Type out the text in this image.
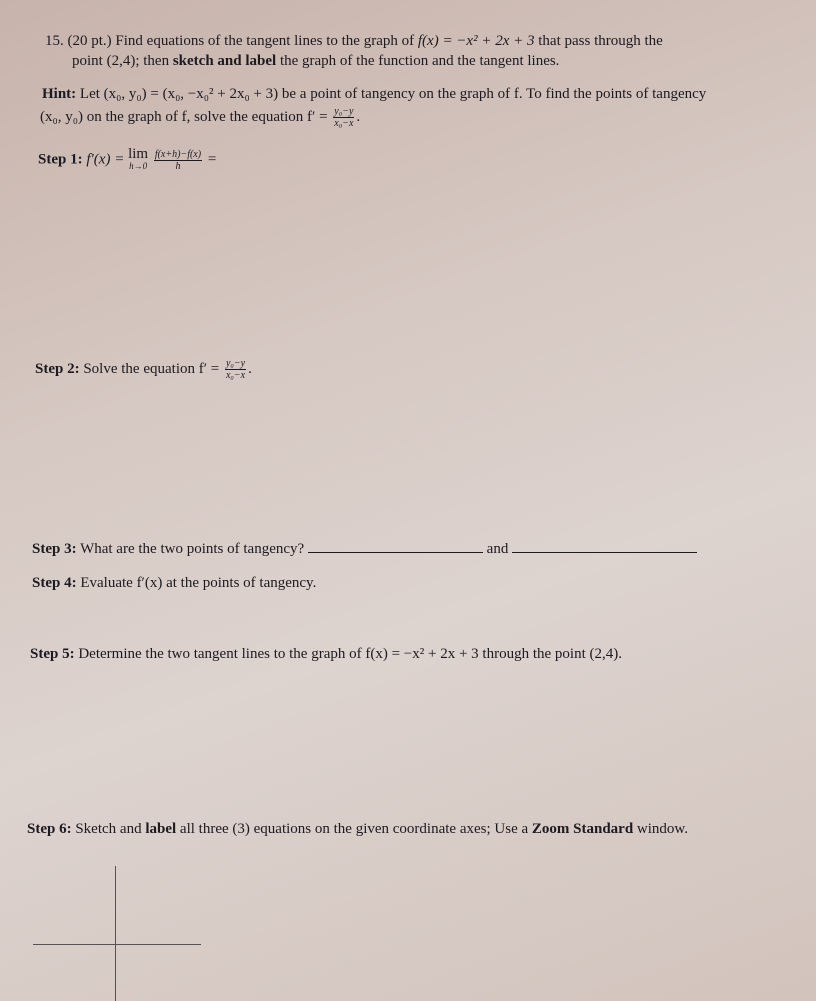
15. (20 pt.) Find equations of the tangent lines to the graph of f(x) = −x² + 2x + 3 that pass through the
point (2,4); then sketch and label the graph of the function and the tangent lines.
Hint: Let (x₀, y₀) = (x₀, −x₀² + 2x₀ + 3) be a point of tangency on the graph of f. To find the points of tangency
(x₀, y₀) on the graph of f, solve the equation $f' = \frac{\text{y₀−y}}{\text{x₀−x}}$ .
Step 1: f′(x) = lim
h→0
$\frac{f(x+h)-f(x)}{h}$ =
Step 2: Solve the equation $f' = \frac{\text{y₀−y}}{\text{x₀−x}}$ .
Step 3: What are the two points of tangency?	and
Step 4: Evaluate f′(x) at the points of tangency.
Step 5: Determine the two tangent lines to the graph of f(x) = −x² + 2x + 3 through the point (2,4).
Step 6: Sketch and label all three (3) equations on the given coordinate axes; Use a Zoom Standard window.
